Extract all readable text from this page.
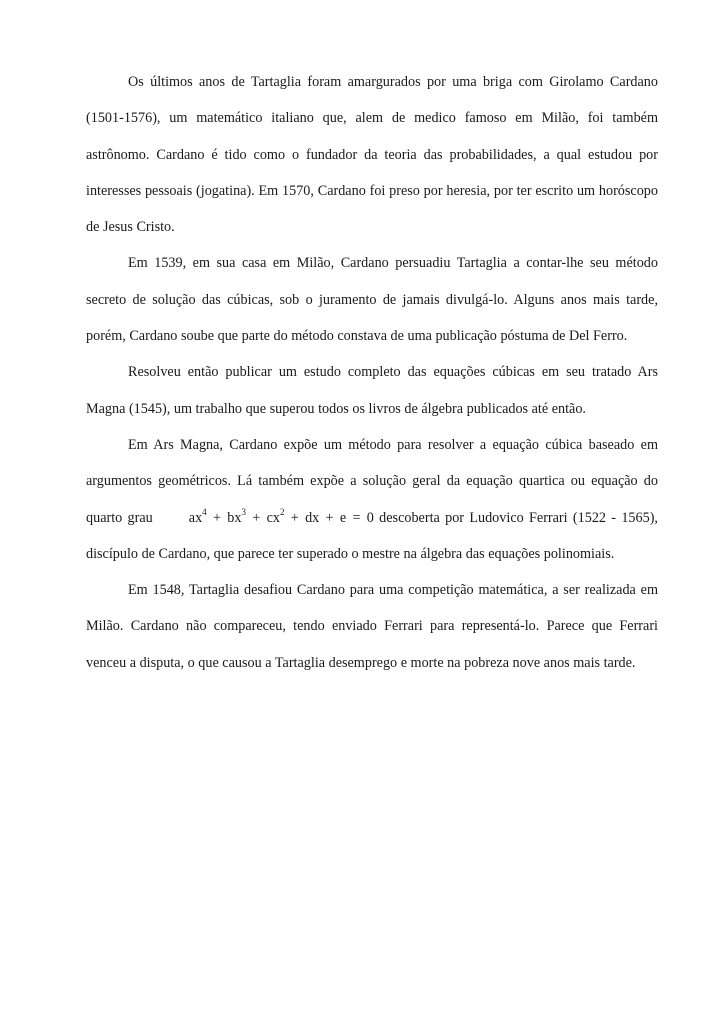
Os últimos anos de Tartaglia foram amargurados por uma briga com Girolamo Cardano (1501-1576), um matemático italiano que, alem de medico famoso em Milão, foi também astrônomo. Cardano é tido como o fundador da teoria das probabilidades, a qual estudou por interesses pessoais (jogatina). Em 1570, Cardano foi preso por heresia, por ter escrito um horóscopo de Jesus Cristo.

Em 1539, em sua casa em Milão, Cardano persuadiu Tartaglia a contar-lhe seu método secreto de solução das cúbicas, sob o juramento de jamais divulgá-lo. Alguns anos mais tarde, porém, Cardano soube que parte do método constava de uma publicação póstuma de Del Ferro.

Resolveu então publicar um estudo completo das equações cúbicas em seu tratado Ars Magna (1545), um trabalho que superou todos os livros de álgebra publicados até então.

Em Ars Magna, Cardano expõe um método para resolver a equação cúbica baseado em argumentos geométricos. Lá também expõe a solução geral da equação quartica ou equação do quarto grau	$ax^4 + bx^3 + cx^2$ + dx + e = 0 descoberta por Ludovico Ferrari (1522 - 1565), discípulo de Cardano, que parece ter superado o mestre na álgebra das equações polinomiais.

Em 1548, Tartaglia desafiou Cardano para uma competição matemática, a ser realizada em Milão. Cardano não compareceu, tendo enviado Ferrari para representá-lo. Parece que Ferrari venceu a disputa, o que causou a Tartaglia desemprego e morte na pobreza nove anos mais tarde.
